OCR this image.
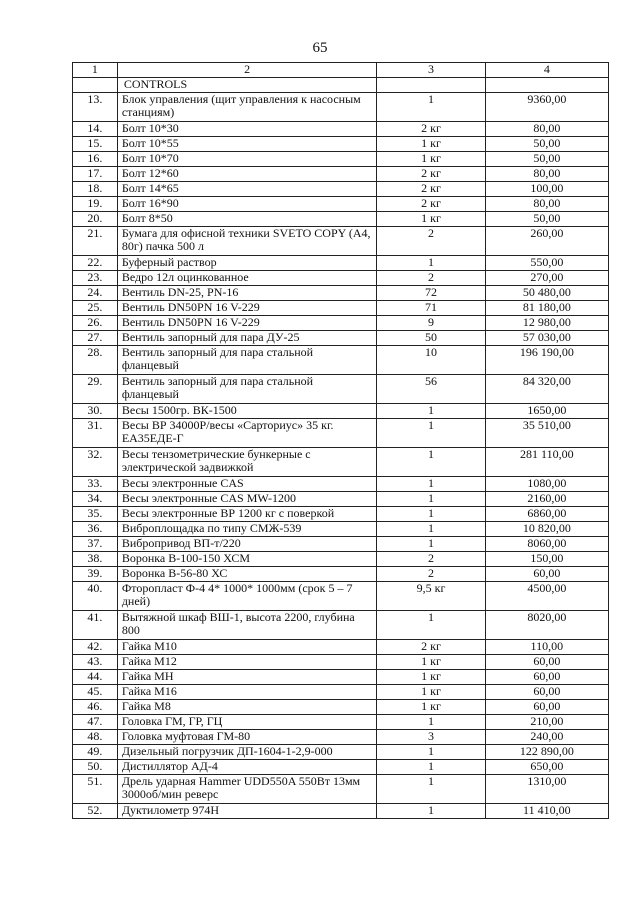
65
1	2	3	4
	CONTROLS		
13.	Блок управления (щит управления к насосным станциям)	1	9360,00
14.	Болт 10*30	2 кг	80,00
15.	Болт 10*55	1 кг	50,00
16.	Болт 10*70	1 кг	50,00
17.	Болт 12*60	2 кг	80,00
18.	Болт 14*65	2 кг	100,00
19.	Болт 16*90	2 кг	80,00
20.	Болт 8*50	1 кг	50,00
21.	Бумага для офисной техники SVETO COPY (А4, 80г) пачка 500 л	2	260,00
22.	Буферный раствор	1	550,00
23.	Ведро 12л оцинкованное	2	270,00
24.	Вентиль DN-25, PN-16	72	50 480,00
25.	Вентиль DN50PN 16 V-229	71	81 180,00
26.	Вентиль DN50PN 16 V-229	9	12 980,00
27.	Вентиль запорный для пара ДУ-25	50	57 030,00
28.	Вентиль запорный для пара стальной фланцевый	10	196 190,00
29.	Вентиль запорный для пара стальной фланцевый	56	84 320,00
30.	Весы 1500гр. ВК-1500	1	1650,00
31.	Весы ВР 34000Р/весы «Сарториус» 35 кг. ЕА35ЕДЕ-Г	1	35 510,00
32.	Весы тензометрические бункерные с электрической задвижкой	1	281 110,00
33.	Весы электронные CAS	1	1080,00
34.	Весы электронные CAS MW-1200	1	2160,00
35.	Весы электронные ВР 1200 кг с поверкой	1	6860,00
36.	Виброплощадка по типу СМЖ-539	1	10 820,00
37.	Вибропривод ВП-т/220	1	8060,00
38.	Воронка В-100-150 ХСМ	2	150,00
39.	Воронка В-56-80 ХС	2	60,00
40.	Фторопласт Ф-4 4* 1000* 1000мм (срок 5 – 7 дней)	9,5 кг	4500,00
41.	Вытяжной шкаф ВШ-1, высота 2200, глубина 800	1	8020,00
42.	Гайка М10	2 кг	110,00
43.	Гайка М12	1 кг	60,00
44.	Гайка МН	1 кг	60,00
45.	Гайка М16	1 кг	60,00
46.	Гайка М8	1 кг	60,00
47.	Головка ГМ, ГР, ГЦ	1	210,00
48.	Головка муфтовая ГМ-80	3	240,00
49.	Дизельный погрузчик ДП-1604-1-2,9-000	1	122 890,00
50.	Дистиллятор АД-4	1	650,00
51.	Дрель ударная Hammer UDD550A 550Вт 13мм 3000об/мин реверс	1	1310,00
52.	Дуктилометр 974Н	1	11 410,00
